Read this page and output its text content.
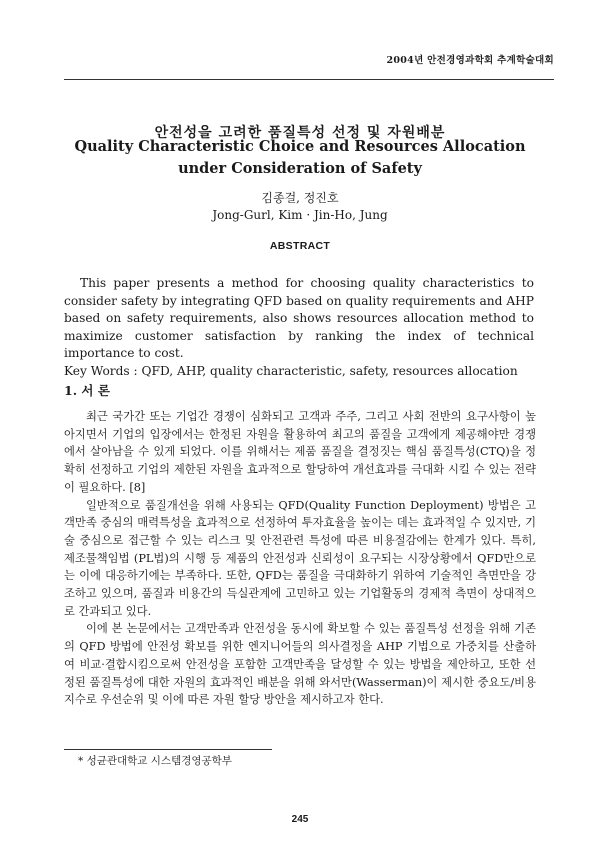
2004년 안전경영과학회 추계학술대회
안전성을 고려한 품질특성 선정 및 자원배분
Quality Characteristic Choice and Resources Allocation
under Consideration of Safety
김종걸, 정진호
Jong-Gurl, Kim · Jin-Ho, Jung
ABSTRACT

This paper presents a method for choosing quality characteristics to consider safety by integrating QFD based on quality requirements and AHP based on safety requirements, also shows resources allocation method to maximize customer satisfaction by ranking the index of technical importance to cost.

Key Words : QFD, AHP, quality characteristic, safety, resources allocation

1. 서 론

최근 국가간 또는 기업간 경쟁이 심화되고 고객과 주주, 그리고 사회 전반의 요구사항이 높아지면서 기업의 입장에서는 한정된 자원을 활용하여 최고의 품질을 고객에게 제공해야만 경쟁에서 살아남을 수 있게 되었다. 이를 위해서는 제품 품질을 결정짓는 핵심 품질특성(CTQ)을 정확히 선정하고 기업의 제한된 자원을 효과적으로 할당하여 개선효과를 극대화 시킬 수 있는 전략이 필요하다. [8]

일반적으로 품질개선을 위해 사용되는 QFD(Quality Function Deployment) 방법은 고객만족 중심의 매력특성을 효과적으로 선정하여 투자효율을 높이는 데는 효과적일 수 있지만, 기술 중심으로 접근할 수 있는 리스크 및 안전관련 특성에 따른 비용절감에는 한계가 있다. 특히, 제조물책임법 (PL법)의 시행 등 제품의 안전성과 신뢰성이 요구되는 시장상황에서 QFD만으로는 이에 대응하기에는 부족하다. 또한, QFD는 품질을 극대화하기 위하여 기술적인 측면만을 강조하고 있으며, 품질과 비용간의 득실관계에 고민하고 있는 기업활동의 경제적 측면이 상대적으로 간과되고 있다.

이에 본 논문에서는 고객만족과 안전성을 동시에 확보할 수 있는 품질특성 선정을 위해 기존의 QFD 방법에 안전성 확보를 위한 엔지니어들의 의사결정을 AHP 기법으로 가중치를 산출하여 비교·결합시킴으로써 안전성을 포함한 고객만족을 달성할 수 있는 방법을 제안하고, 또한 선정된 품질특성에 대한 자원의 효과적인 배분을 위해 와서만(Wasserman)이 제시한 중요도/비용 지수로 우선순위 및 이에 따른 자원 할당 방안을 제시하고자 한다.

* 성균관대학교 시스템경영공학부
245
